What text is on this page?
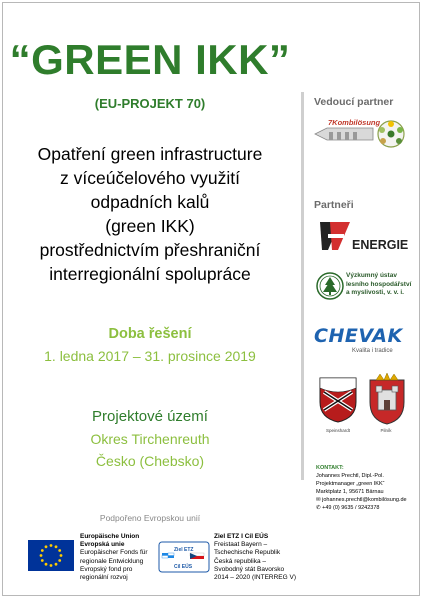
“GREEN IKK”
(EU-PROJEKT 70)
Opatření green infrastructure
z víceúčelového využití
odpadních kalů
(green IKK)
prostřednictvím přeshraniční
interregionální spolupráce
Doba řešení
1. ledna 2017 – 31. prosince 2019
Projektové území
Okres Tirchenreuth
Česko (Chebsko)
Vedoucí partner
7Kombilösung
Partneři
ENERGIE
Výzkumný ústav
lesního hospodářství
a myslivosti, v. v. i.
CHEVAK
Kvalita i tradice
Speinshardt	Pilník
KONTAKT:
Johannes Prechtl, Dipl.-Pol.
Projektmanager „green IKK“
Marktplatz 1, 95671 Bärnau
✉ johannes.prechtl@kombilösung.de
✆ +49 (0) 9635 / 9242378
Podpořeno Evropskou unií
Europäische Union
Evropská unie
Europäischer Fonds für
regionale Entwicklung
Evropský fond pro
regionální rozvoj
Ziel ETZ
Cíl EÚS
Ziel ETZ I Cíl EÚS
Freistaat Bayern –
Tschechische Republik
Česká republika –
Svobodný stát Bavorsko
2014 – 2020 (INTERREG V)
